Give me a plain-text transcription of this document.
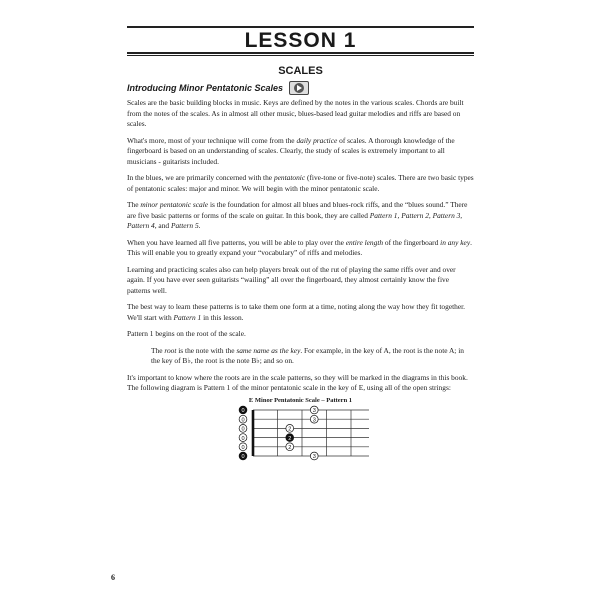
LESSON 1
SCALES
Introducing Minor Pentatonic Scales

Scales are the basic building blocks in music. Keys are defined by the notes in the various scales. Chords are built from the notes of the scales. As in almost all other music, blues-based lead guitar melodies and riffs are based on scales.

What's more, most of your technique will come from the daily practice of scales. A thorough knowledge of the fingerboard is based on an understanding of scales. Clearly, the study of scales is extremely important to all musicians - guitarists included.

In the blues, we are primarily concerned with the pentatonic (five-tone or five-note) scales. There are two basic types of pentatonic scales: major and minor. We will begin with the minor pentatonic scale.

The minor pentatonic scale is the foundation for almost all blues and blues-rock riffs, and the “blues sound.” There are five basic patterns or forms of the scale on guitar. In this book, they are called Pattern 1, Pattern 2, Pattern 3, Pattern 4, and Pattern 5.

When you have learned all five patterns, you will be able to play over the entire length of the fingerboard in any key. This will enable you to greatly expand your “vocabulary” of riffs and melodies.

Learning and practicing scales also can help players break out of the rut of playing the same riffs over and over again. If you have ever seen guitarists “wailing” all over the fingerboard, they almost certainly know the five patterns well.

The best way to learn these patterns is to take them one form at a time, noting along the way how they fit together. We'll start with Pattern 1 in this lesson.

Pattern 1 begins on the root of the scale.

The root is the note with the same name as the key. For example, in the key of A, the root is the note A; in the key of B♭, the root is the note B♭; and so on.

It's important to know where the roots are in the scale patterns, so they will be marked in the diagrams in this book. The following diagram is Pattern 1 of the minor pentatonic scale in the key of E, using all of the open strings:

E Minor Pentatonic Scale – Pattern 1
0
0
0
0
0
0
3
3
2
2
2
3
6
